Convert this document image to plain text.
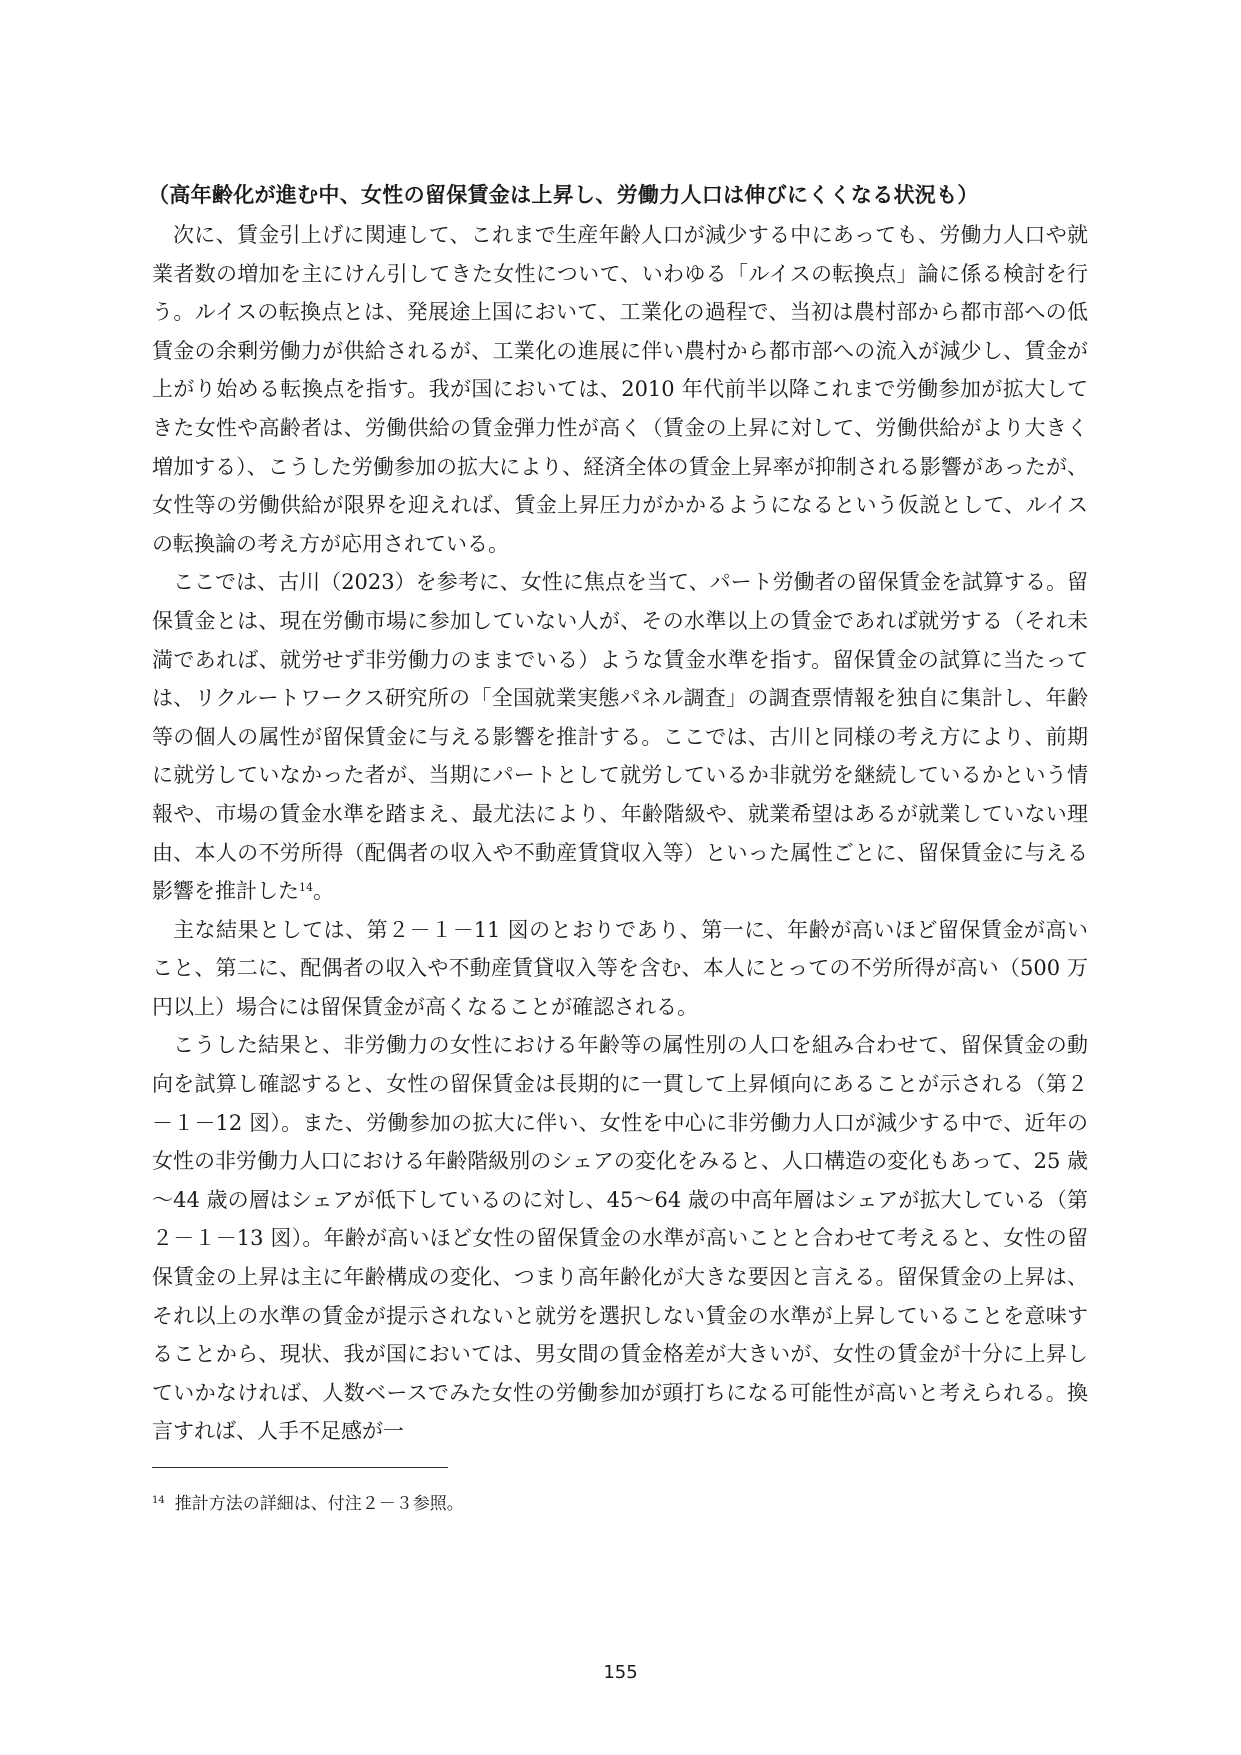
（高年齢化が進む中、女性の留保賃金は上昇し、労働力人口は伸びにくくなる状況も）

次に、賃金引上げに関連して、これまで生産年齢人口が減少する中にあっても、労働力人口や就業者数の増加を主にけん引してきた女性について、いわゆる「ルイスの転換点」論に係る検討を行う。ルイスの転換点とは、発展途上国において、工業化の過程で、当初は農村部から都市部への低賃金の余剰労働力が供給されるが、工業化の進展に伴い農村から都市部への流入が減少し、賃金が上がり始める転換点を指す。我が国においては、2010 年代前半以降これまで労働参加が拡大してきた女性や高齢者は、労働供給の賃金弾力性が高く（賃金の上昇に対して、労働供給がより大きく増加する）、こうした労働参加の拡大により、経済全体の賃金上昇率が抑制される影響があったが、女性等の労働供給が限界を迎えれば、賃金上昇圧力がかかるようになるという仮説として、ルイスの転換論の考え方が応用されている。

ここでは、古川（2023）を参考に、女性に焦点を当て、パート労働者の留保賃金を試算する。留保賃金とは、現在労働市場に参加していない人が、その水準以上の賃金であれば就労する（それ未満であれば、就労せず非労働力のままでいる）ような賃金水準を指す。留保賃金の試算に当たっては、リクルートワークス研究所の「全国就業実態パネル調査」の調査票情報を独自に集計し、年齢等の個人の属性が留保賃金に与える影響を推計する。ここでは、古川と同様の考え方により、前期に就労していなかった者が、当期にパートとして就労しているか非就労を継続しているかという情報や、市場の賃金水準を踏まえ、最尤法により、年齢階級や、就業希望はあるが就業していない理由、本人の不労所得（配偶者の収入や不動産賃貸収入等）といった属性ごとに、留保賃金に与える影響を推計した$^{14}$。

主な結果としては、第２－１－11 図のとおりであり、第一に、年齢が高いほど留保賃金が高いこと、第二に、配偶者の収入や不動産賃貸収入等を含む、本人にとっての不労所得が高い（500 万円以上）場合には留保賃金が高くなることが確認される。

こうした結果と、非労働力の女性における年齢等の属性別の人口を組み合わせて、留保賃金の動向を試算し確認すると、女性の留保賃金は長期的に一貫して上昇傾向にあることが示される（第２－１－12 図）。また、労働参加の拡大に伴い、女性を中心に非労働力人口が減少する中で、近年の女性の非労働力人口における年齢階級別のシェアの変化をみると、人口構造の変化もあって、25 歳～44 歳の層はシェアが低下しているのに対し、45～64 歳の中高年層はシェアが拡大している（第２－１－13 図）。年齢が高いほど女性の留保賃金の水準が高いことと合わせて考えると、女性の留保賃金の上昇は主に年齢構成の変化、つまり高年齢化が大きな要因と言える。留保賃金の上昇は、それ以上の水準の賃金が提示されないと就労を選択しない賃金の水準が上昇していることを意味することから、現状、我が国においては、男女間の賃金格差が大きいが、女性の賃金が十分に上昇していかなければ、人数ベースでみた女性の労働参加が頭打ちになる可能性が高いと考えられる。換言すれば、人手不足感が一

$^{14}$ 推計方法の詳細は、付注２－３参照。
155
